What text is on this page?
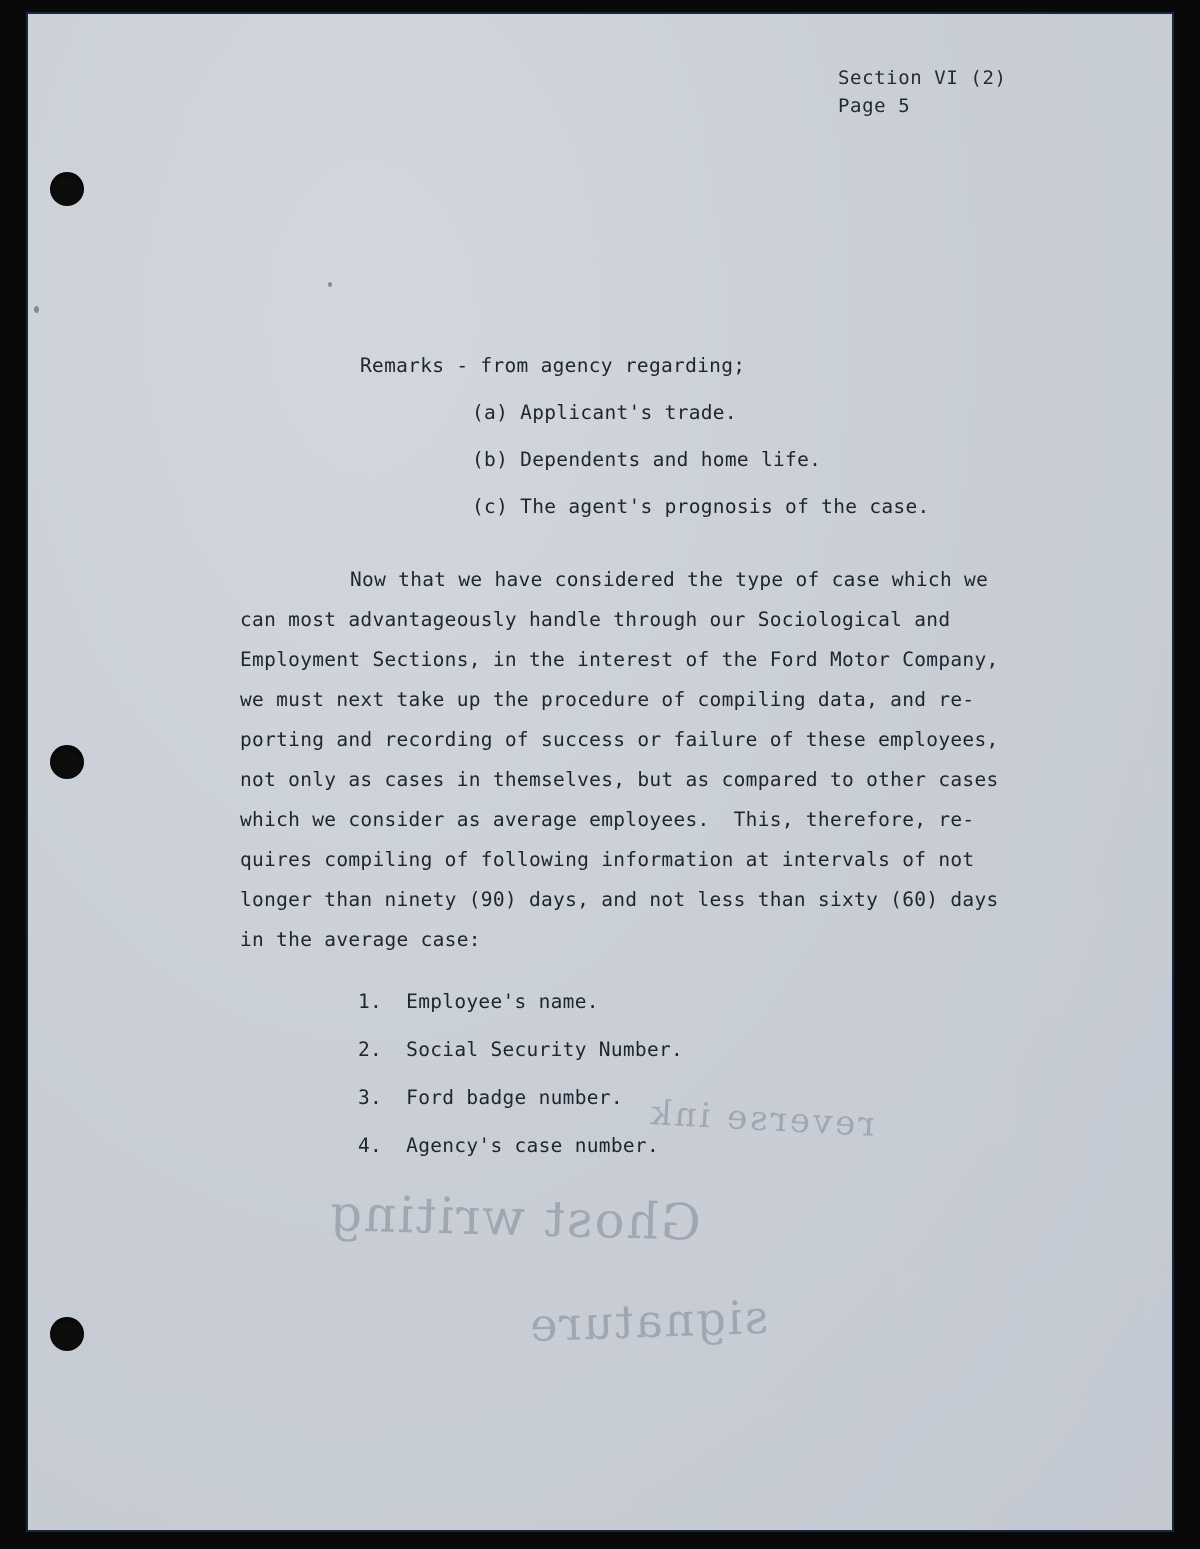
reverse ink
Ghost writing
signature
Section VI (2)
Page 5
Remarks - from agency regarding;
(a) Applicant's trade.
(b) Dependents and home life.
(c) The agent's prognosis of the case.
Now that we have considered the type of case which we
can most advantageously handle through our Sociological and
Employment Sections, in the interest of the Ford Motor Company,
we must next take up the procedure of compiling data, and re-
porting and recording of success or failure of these employees,
not only as cases in themselves, but as compared to other cases
which we consider as average employees.  This, therefore, re-
quires compiling of following information at intervals of not
longer than ninety (90) days, and not less than sixty (60) days
in the average case:
1.  Employee's name.
2.  Social Security Number.
3.  Ford badge number.
4.  Agency's case number.
